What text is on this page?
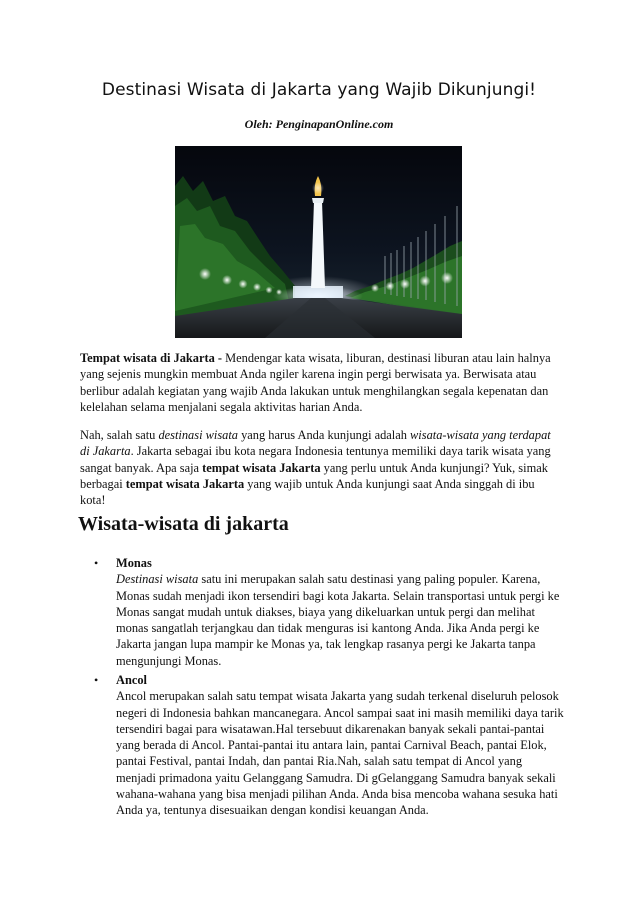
Destinasi Wisata di Jakarta yang Wajib Dikunjungi!
Oleh: PenginapanOnline.com

Tempat wisata di Jakarta - Mendengar kata wisata, liburan, destinasi liburan atau lain halnya yang sejenis mungkin membuat Anda ngiler karena ingin pergi berwisata ya. Berwisata atau berlibur adalah kegiatan yang wajib Anda lakukan untuk menghilangkan segala kepenatan dan kelelahan selama menjalani segala aktivitas harian Anda.

Nah, salah satu destinasi wisata yang harus Anda kunjungi adalah wisata-wisata yang terdapat di Jakarta. Jakarta sebagai ibu kota negara Indonesia tentunya memiliki daya tarik wisata yang sangat banyak. Apa saja tempat wisata Jakarta yang perlu untuk Anda kunjungi? Yuk, simak berbagai tempat wisata Jakarta yang wajib untuk Anda kunjungi saat Anda singgah di ibu kota!

Wisata-wisata di jakarta
• Monas
Destinasi wisata satu ini merupakan salah satu destinasi yang paling populer. Karena, Monas sudah menjadi ikon tersendiri bagi kota Jakarta. Selain transportasi untuk pergi ke Monas sangat mudah untuk diakses, biaya yang dikeluarkan untuk pergi dan melihat monas sangatlah terjangkau dan tidak menguras isi kantong Anda. Jika Anda pergi ke Jakarta jangan lupa mampir ke Monas ya, tak lengkap rasanya pergi ke Jakarta tanpa mengunjungi Monas.
• Ancol
Ancol merupakan salah satu tempat wisata Jakarta yang sudah terkenal diseluruh pelosok negeri di Indonesia bahkan mancanegara. Ancol sampai saat ini masih memiliki daya tarik tersendiri bagai para wisatawan.Hal tersebuut dikarenakan banyak sekali pantai-pantai yang berada di Ancol. Pantai-pantai itu antara lain, pantai Carnival Beach, pantai Elok, pantai Festival, pantai Indah, dan pantai Ria.Nah, salah satu tempat di Ancol yang menjadi primadona yaitu Gelanggang Samudra. Di gGelanggang Samudra banyak sekali wahana-wahana yang bisa menjadi pilihan Anda. Anda bisa mencoba wahana sesuka hati Anda ya, tentunya disesuaikan dengan kondisi keuangan Anda.
